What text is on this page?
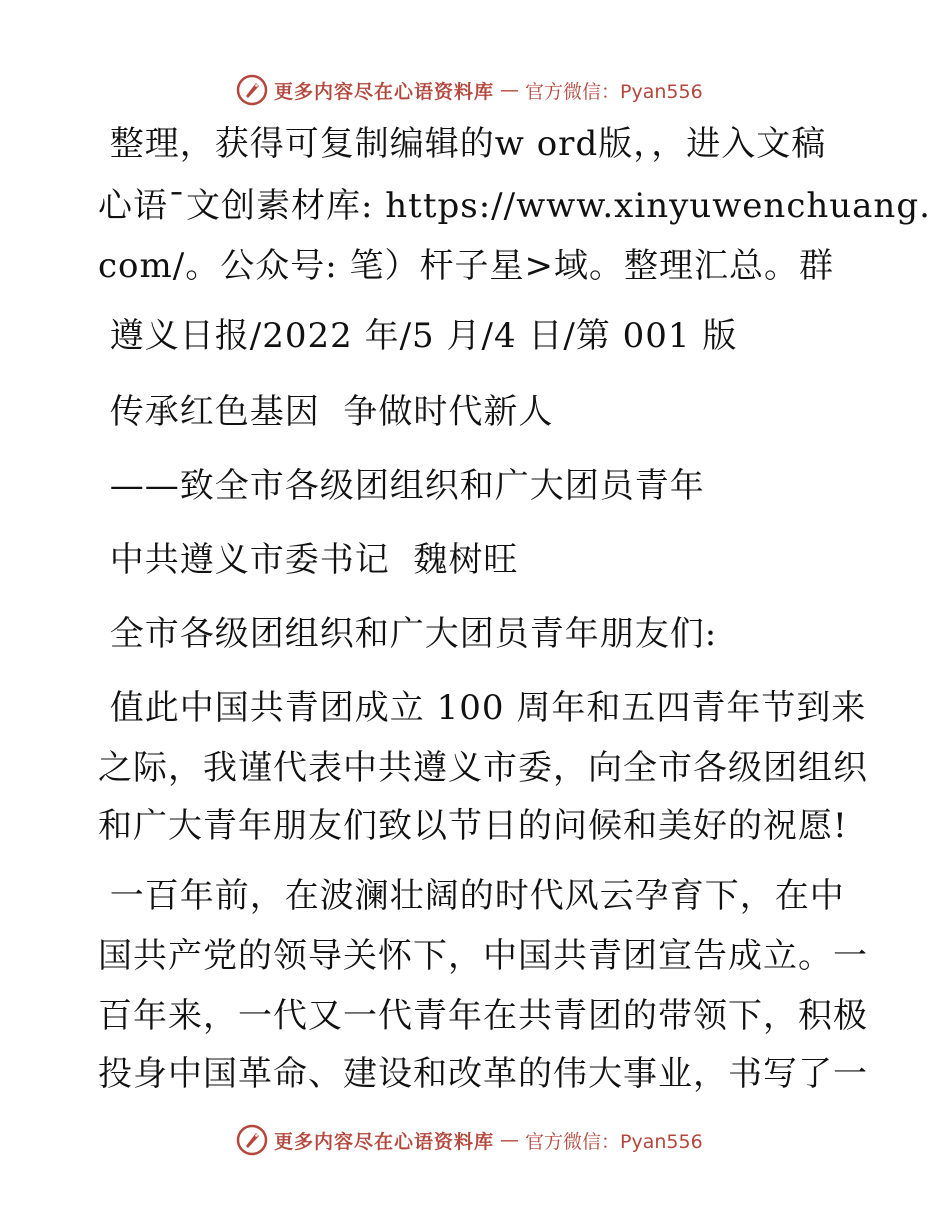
更多内容尽在心语资料库 — 官方微信：Pyan556
整理，获得可复制编辑的w ord版，，进入文稿
心语¯文创素材库: https://www.xinyuwenchuang.
com/。公众号: 笔）杆子星>域。整理汇总。群
遵义日报/2022 年/5 月/4 日/第 001 版
传承红色基因  争做时代新人
——致全市各级团组织和广大团员青年
中共遵义市委书记  魏树旺
全市各级团组织和广大团员青年朋友们:
值此中国共青团成立 100 周年和五四青年节到来
之际，我谨代表中共遵义市委，向全市各级团组织
和广大青年朋友们致以节日的问候和美好的祝愿!
一百年前，在波澜壮阔的时代风云孕育下，在中
国共产党的领导关怀下，中国共青团宣告成立。一
百年来，一代又一代青年在共青团的带领下，积极
投身中国革命、建设和改革的伟大事业，书写了一
更多内容尽在心语资料库 — 官方微信：Pyan556
